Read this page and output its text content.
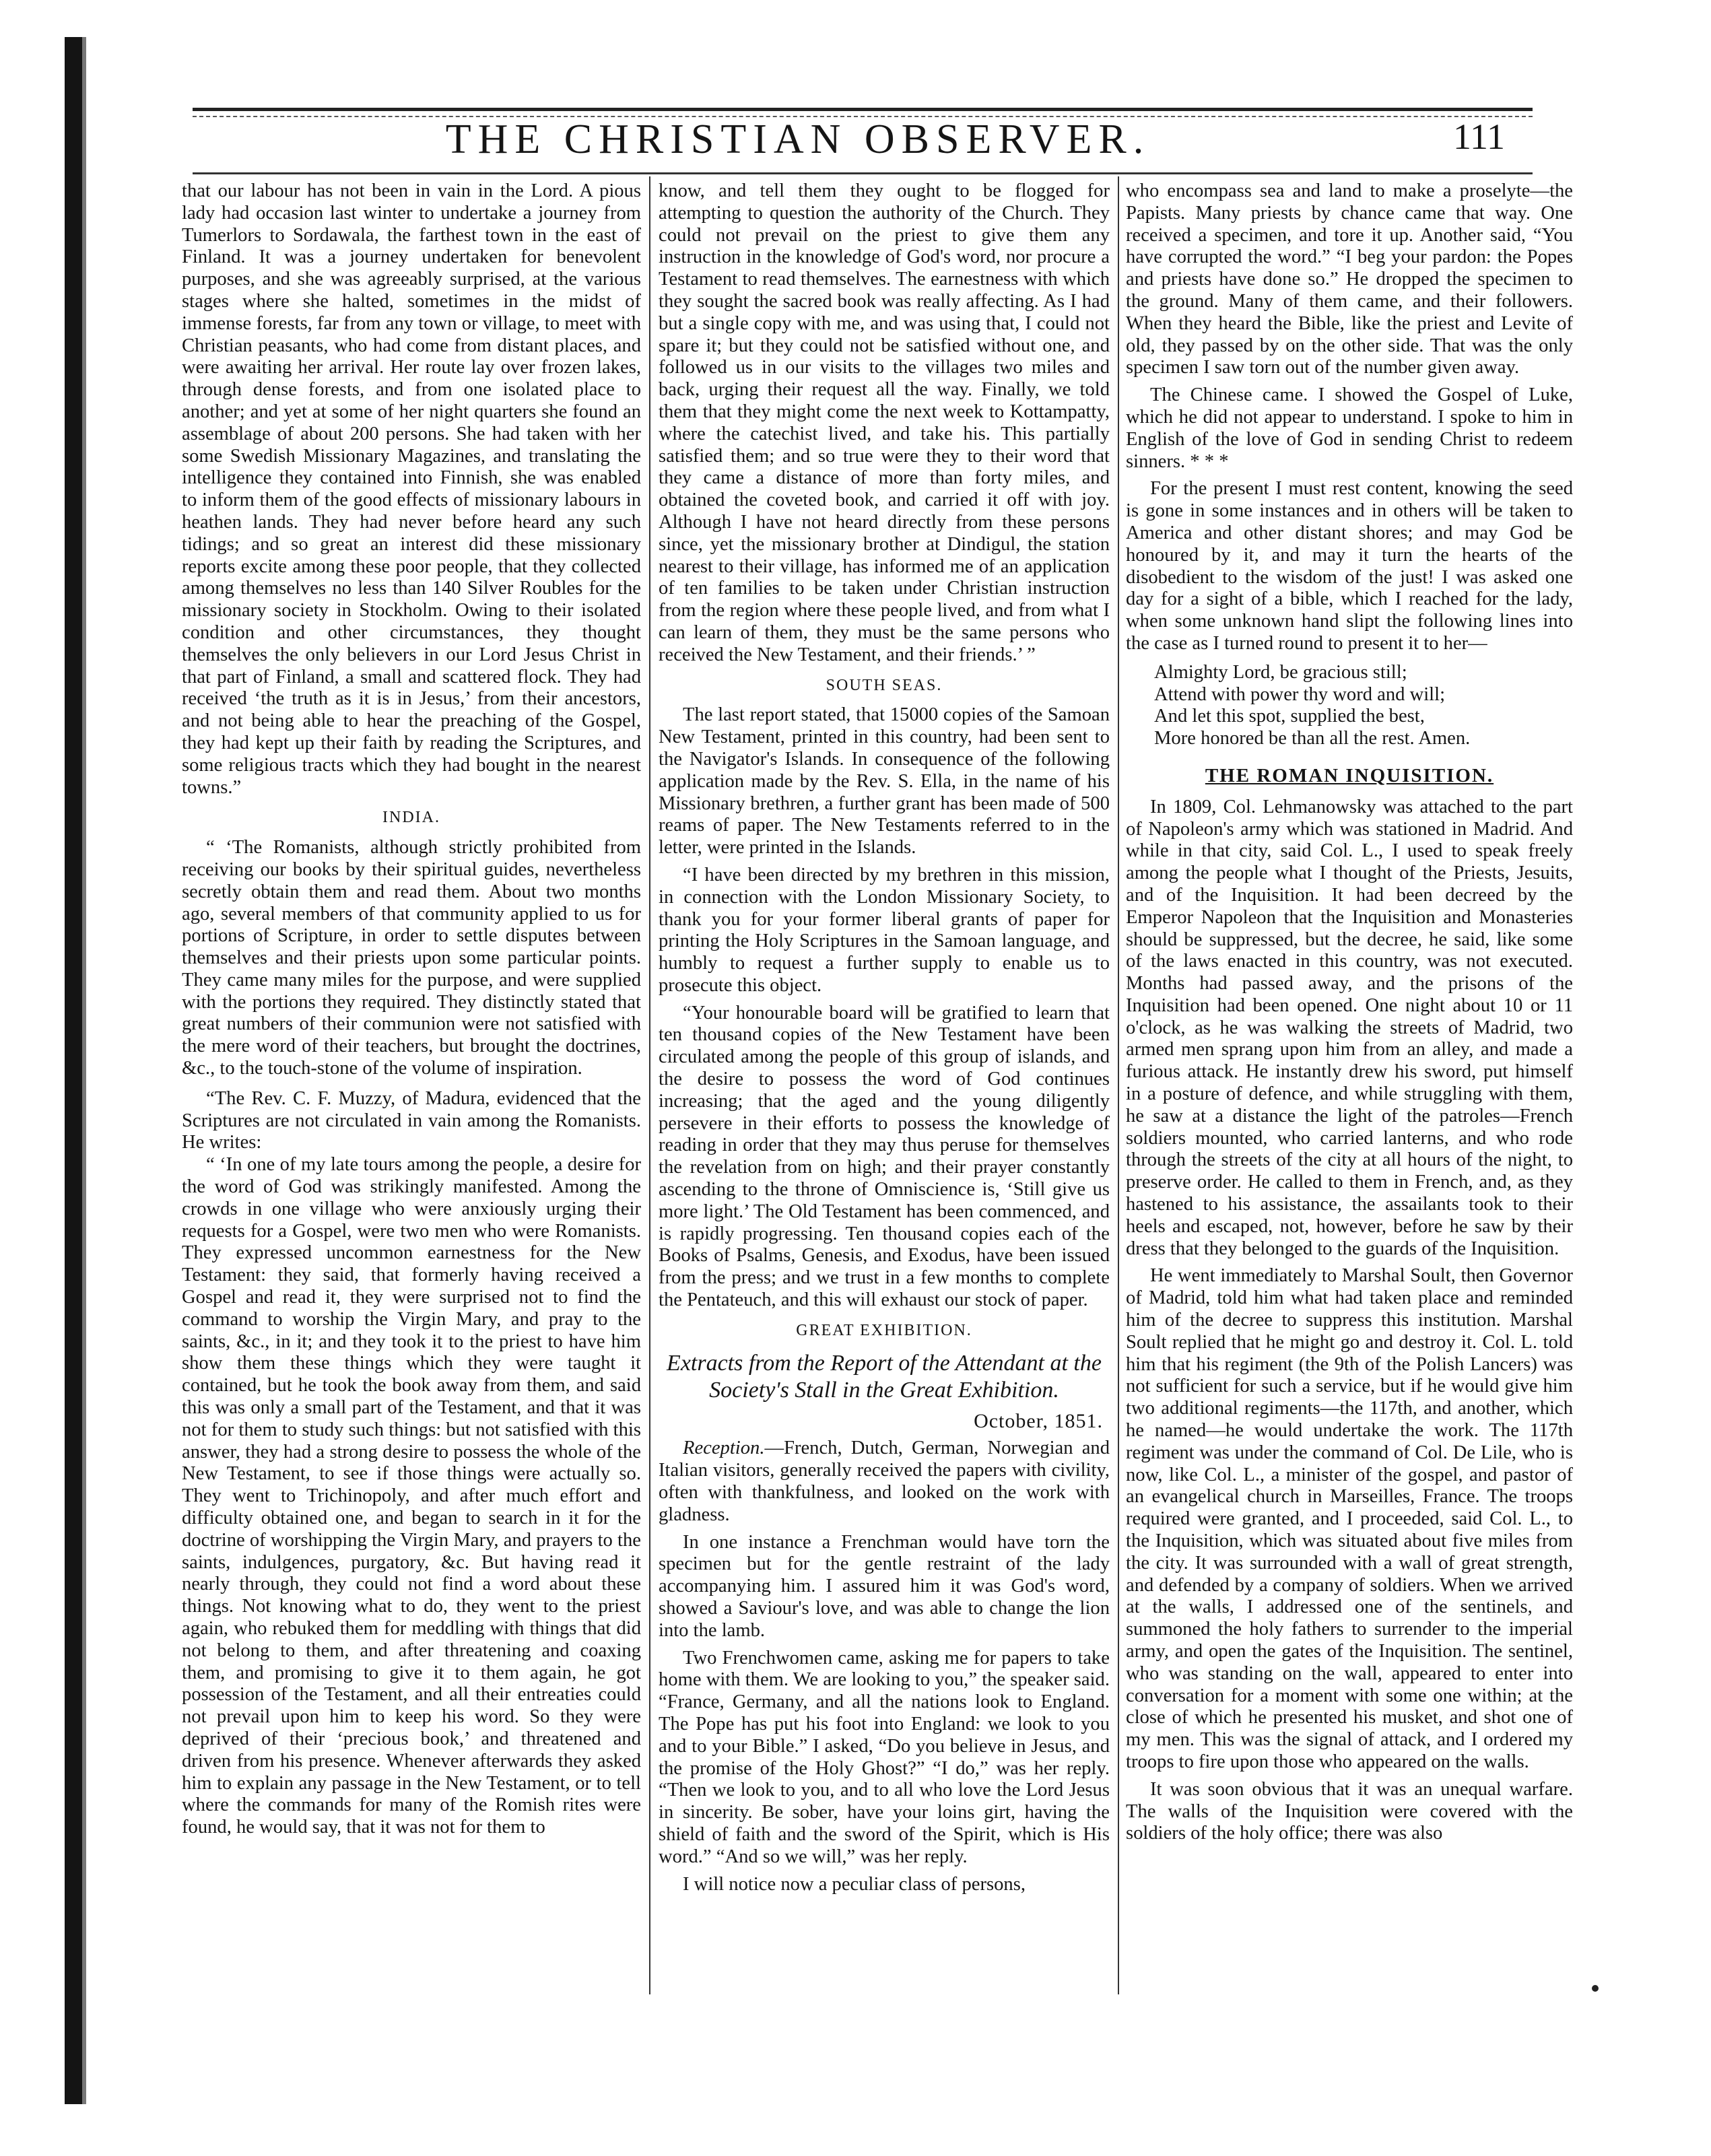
THE CHRISTIAN OBSERVER.	111

that our labour has not been in vain in the Lord. A pious lady had occasion last winter to undertake a journey from Tumerlors to Sordawala, the farthest town in the east of Finland. It was a journey undertaken for benevolent purposes, and she was agreeably surprised, at the various stages where she halted, sometimes in the midst of immense forests, far from any town or village, to meet with Christian peasants, who had come from distant places, and were awaiting her arrival. Her route lay over frozen lakes, through dense forests, and from one isolated place to another; and yet at some of her night quarters she found an assemblage of about 200 persons. She had taken with her some Swedish Missionary Magazines, and translating the intelligence they contained into Finnish, she was enabled to inform them of the good effects of missionary labours in heathen lands. They had never before heard any such tidings; and so great an interest did these missionary reports excite among these poor people, that they collected among themselves no less than 140 Silver Roubles for the missionary society in Stockholm. Owing to their isolated condition and other circumstances, they thought themselves the only believers in our Lord Jesus Christ in that part of Finland, a small and scattered flock. They had received ‘the truth as it is in Jesus,’ from their ancestors, and not being able to hear the preaching of the Gospel, they had kept up their faith by reading the Scriptures, and some religious tracts which they had bought in the nearest towns.”

INDIA.

“ ‘The Romanists, although strictly prohibited from receiving our books by their spiritual guides, nevertheless secretly obtain them and read them. About two months ago, several members of that community applied to us for portions of Scripture, in order to settle disputes between themselves and their priests upon some particular points. They came many miles for the purpose, and were supplied with the portions they required. They distinctly stated that great numbers of their communion were not satisfied with the mere word of their teachers, but brought the doctrines, &c., to the touch-stone of the volume of inspiration.

“The Rev. C. F. Muzzy, of Madura, evidenced that the Scriptures are not circulated in vain among the Romanists. He writes:

“ ‘In one of my late tours among the people, a desire for the word of God was strikingly manifested. Among the crowds in one village who were anxiously urging their requests for a Gospel, were two men who were Romanists. They expressed uncommon earnestness for the New Testament: they said, that formerly having received a Gospel and read it, they were surprised not to find the command to worship the Virgin Mary, and pray to the saints, &c., in it; and they took it to the priest to have him show them these things which they were taught it contained, but he took the book away from them, and said this was only a small part of the Testament, and that it was not for them to study such things: but not satisfied with this answer, they had a strong desire to possess the whole of the New Testament, to see if those things were actually so. They went to Trichinopoly, and after much effort and difficulty obtained one, and began to search in it for the doctrine of worshipping the Virgin Mary, and prayers to the saints, indulgences, purgatory, &c. But having read it nearly through, they could not find a word about these things. Not knowing what to do, they went to the priest again, who rebuked them for meddling with things that did not belong to them, and after threatening and coaxing them, and promising to give it to them again, he got possession of the Testament, and all their entreaties could not prevail upon him to keep his word. So they were deprived of their ‘precious book,’ and threatened and driven from his presence. Whenever afterwards they asked him to explain any passage in the New Testament, or to tell where the commands for many of the Romish rites were found, he would say, that it was not for them to

know, and tell them they ought to be flogged for attempting to question the authority of the Church. They could not prevail on the priest to give them any instruction in the knowledge of God's word, nor procure a Testament to read themselves. The earnestness with which they sought the sacred book was really affecting. As I had but a single copy with me, and was using that, I could not spare it; but they could not be satisfied without one, and followed us in our visits to the villages two miles and back, urging their request all the way. Finally, we told them that they might come the next week to Kottampatty, where the catechist lived, and take his. This partially satisfied them; and so true were they to their word that they came a distance of more than forty miles, and obtained the coveted book, and carried it off with joy. Although I have not heard directly from these persons since, yet the missionary brother at Dindigul, the station nearest to their village, has informed me of an application of ten families to be taken under Christian instruction from the region where these people lived, and from what I can learn of them, they must be the same persons who received the New Testament, and their friends.’ ”

SOUTH SEAS.

The last report stated, that 15000 copies of the Samoan New Testament, printed in this country, had been sent to the Navigator's Islands. In consequence of the following application made by the Rev. S. Ella, in the name of his Missionary brethren, a further grant has been made of 500 reams of paper. The New Testaments referred to in the letter, were printed in the Islands.

“I have been directed by my brethren in this mission, in connection with the London Missionary Society, to thank you for your former liberal grants of paper for printing the Holy Scriptures in the Samoan language, and humbly to request a further supply to enable us to prosecute this object.

“Your honourable board will be gratified to learn that ten thousand copies of the New Testament have been circulated among the people of this group of islands, and the desire to possess the word of God continues increasing; that the aged and the young diligently persevere in their efforts to possess the knowledge of reading in order that they may thus peruse for themselves the revelation from on high; and their prayer constantly ascending to the throne of Omniscience is, ‘Still give us more light.’ The Old Testament has been commenced, and is rapidly progressing. Ten thousand copies each of the Books of Psalms, Genesis, and Exodus, have been issued from the press; and we trust in a few months to complete the Pentateuch, and this will exhaust our stock of paper.

GREAT EXHIBITION.
Extracts from the Report of the Attendant at the Society's Stall in the Great Exhibition.
October, 1851.

Reception.—French, Dutch, German, Norwegian and Italian visitors, generally received the papers with civility, often with thankfulness, and looked on the work with gladness.

In one instance a Frenchman would have torn the specimen but for the gentle restraint of the lady accompanying him. I assured him it was God's word, showed a Saviour's love, and was able to change the lion into the lamb.

Two Frenchwomen came, asking me for papers to take home with them. We are looking to you,” the speaker said. “France, Germany, and all the nations look to England. The Pope has put his foot into England: we look to you and to your Bible.” I asked, “Do you believe in Jesus, and the promise of the Holy Ghost?” “I do,” was her reply. “Then we look to you, and to all who love the Lord Jesus in sincerity. Be sober, have your loins girt, having the shield of faith and the sword of the Spirit, which is His word.” “And so we will,” was her reply.

I will notice now a peculiar class of persons,

who encompass sea and land to make a proselyte—the Papists. Many priests by chance came that way. One received a specimen, and tore it up. Another said, “You have corrupted the word.” “I beg your pardon: the Popes and priests have done so.” He dropped the specimen to the ground. Many of them came, and their followers. When they heard the Bible, like the priest and Levite of old, they passed by on the other side. That was the only specimen I saw torn out of the number given away.

The Chinese came. I showed the Gospel of Luke, which he did not appear to understand. I spoke to him in English of the love of God in sending Christ to redeem sinners. * * *

For the present I must rest content, knowing the seed is gone in some instances and in others will be taken to America and other distant shores; and may God be honoured by it, and may it turn the hearts of the disobedient to the wisdom of the just! I was asked one day for a sight of a bible, which I reached for the lady, when some unknown hand slipt the following lines into the case as I turned round to present it to her—

Almighty Lord, be gracious still;
Attend with power thy word and will;
And let this spot, supplied the best,
More honored be than all the rest. Amen.
THE ROMAN INQUISITION.

In 1809, Col. Lehmanowsky was attached to the part of Napoleon's army which was stationed in Madrid. And while in that city, said Col. L., I used to speak freely among the people what I thought of the Priests, Jesuits, and of the Inquisition. It had been decreed by the Emperor Napoleon that the Inquisition and Monasteries should be suppressed, but the decree, he said, like some of the laws enacted in this country, was not executed. Months had passed away, and the prisons of the Inquisition had been opened. One night about 10 or 11 o'clock, as he was walking the streets of Madrid, two armed men sprang upon him from an alley, and made a furious attack. He instantly drew his sword, put himself in a posture of defence, and while struggling with them, he saw at a distance the light of the patroles—French soldiers mounted, who carried lanterns, and who rode through the streets of the city at all hours of the night, to preserve order. He called to them in French, and, as they hastened to his assistance, the assailants took to their heels and escaped, not, however, before he saw by their dress that they belonged to the guards of the Inquisition.

He went immediately to Marshal Soult, then Governor of Madrid, told him what had taken place and reminded him of the decree to suppress this institution. Marshal Soult replied that he might go and destroy it. Col. L. told him that his regiment (the 9th of the Polish Lancers) was not sufficient for such a service, but if he would give him two additional regiments—the 117th, and another, which he named—he would undertake the work. The 117th regiment was under the command of Col. De Lile, who is now, like Col. L., a minister of the gospel, and pastor of an evangelical church in Marseilles, France. The troops required were granted, and I proceeded, said Col. L., to the Inquisition, which was situated about five miles from the city. It was surrounded with a wall of great strength, and defended by a company of soldiers. When we arrived at the walls, I addressed one of the sentinels, and summoned the holy fathers to surrender to the imperial army, and open the gates of the Inquisition. The sentinel, who was standing on the wall, appeared to enter into conversation for a moment with some one within; at the close of which he presented his musket, and shot one of my men. This was the signal of attack, and I ordered my troops to fire upon those who appeared on the walls.

It was soon obvious that it was an unequal warfare. The walls of the Inquisition were covered with the soldiers of the holy office; there was also
